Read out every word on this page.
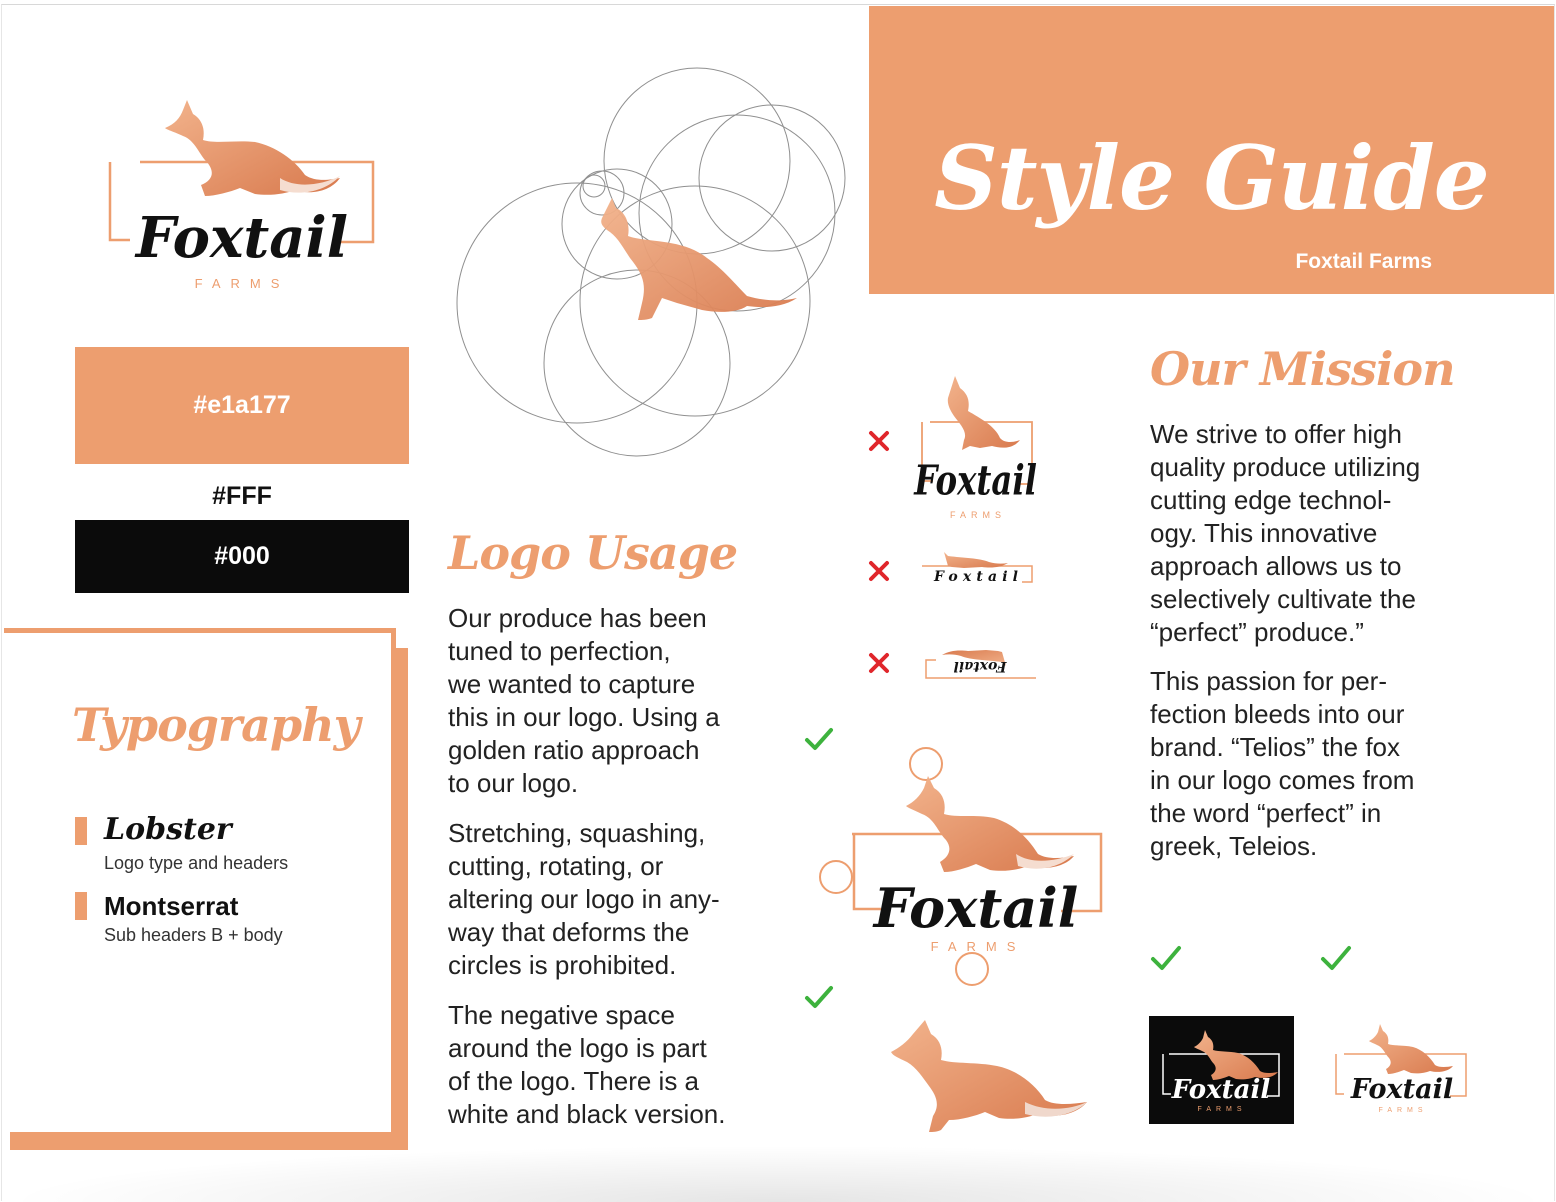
Style Guide
Foxtail Farms
Foxtail
FARMS
#e1a177
#FFF
#000
Typography
Lobster
Logo type and headers
Montserrat
Sub headers B + body
Logo Usage
Our produce has been
tuned to perfection,
we wanted to capture
this in our logo. Using a
golden ratio approach
to our logo.
Stretching, squashing,
cutting, rotating, or
altering our logo in any-
way that deforms the
circles is prohibited.
The negative space
around the logo is part
of the logo. There is a
white and black version.
Foxtail
FARMS
Foxtail
Foxtail
Foxtail
FARMS
Our Mission
We strive to offer high
quality produce utilizing
cutting edge technol-
ogy. This innovative
approach allows us to
selectively cultivate the
“perfect” produce.”
This passion for per-
fection bleeds into our
brand. “Telios” the fox
in our logo comes from
the word “perfect” in
greek, Teleios.
Foxtail
FARMS
Foxtail
FARMS
